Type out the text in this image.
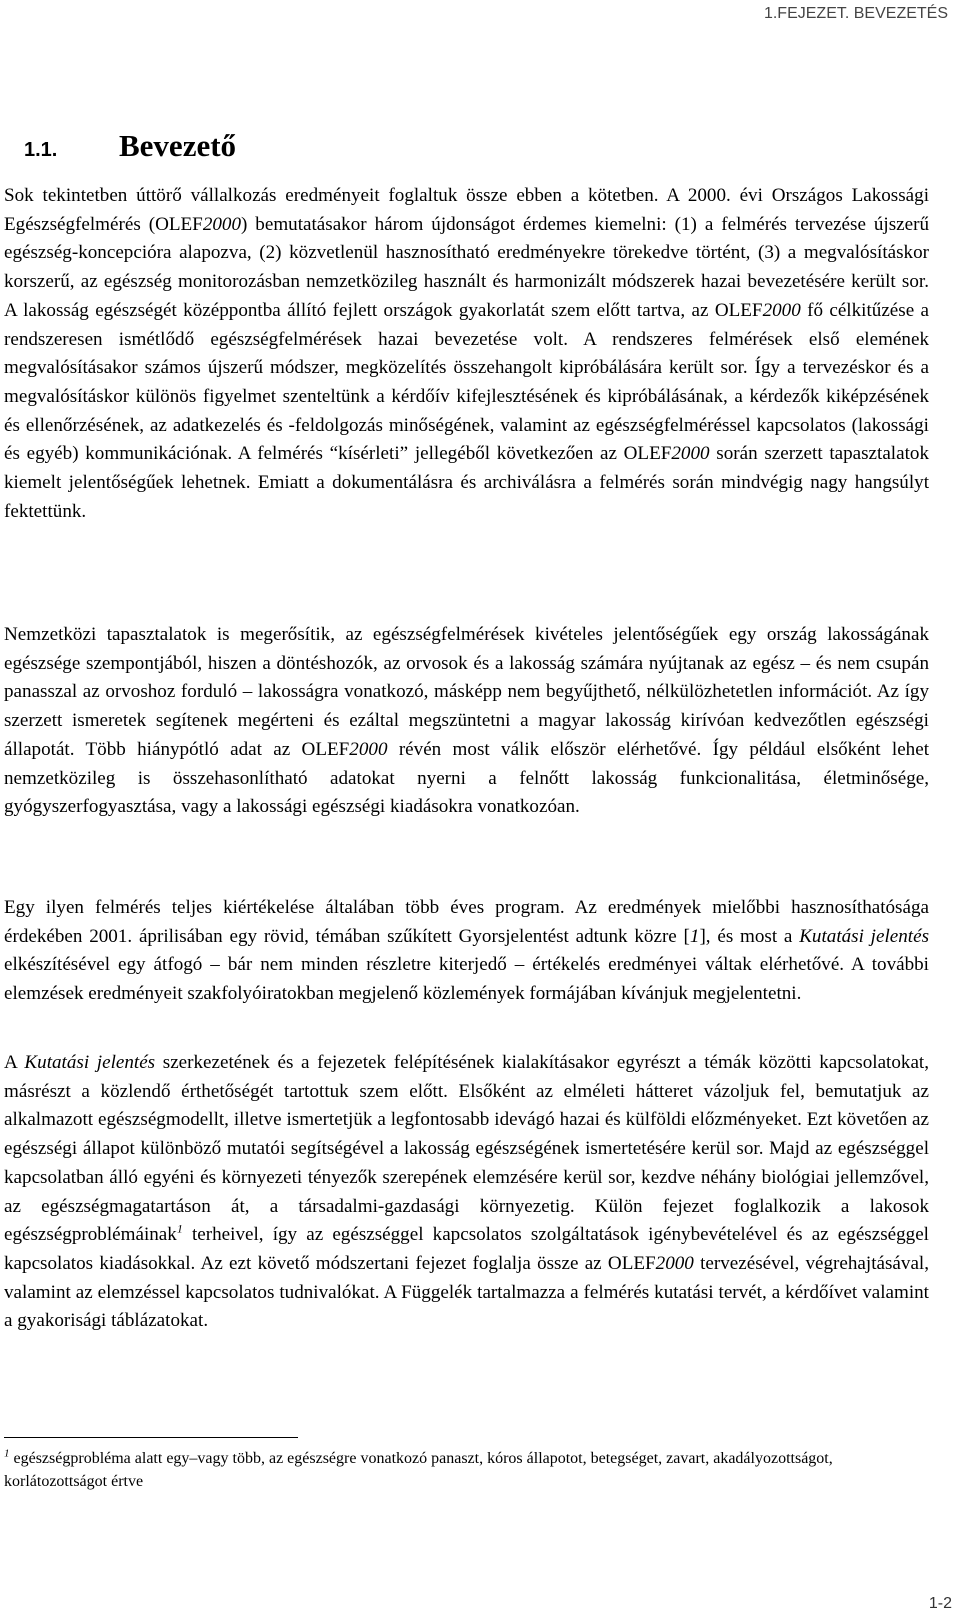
1.FEJEZET. BEVEZETÉS
1.1. Bevezető

Sok tekintetben úttörő vállalkozás eredményeit foglaltuk össze ebben a kötetben. A 2000. évi Országos Lakossági Egészségfelmérés (OLEF2000) bemutatásakor három újdonságot érdemes kiemelni: (1) a felmérés tervezése újszerű egészség-koncepcióra alapozva, (2) közvetlenül hasznosítható eredményekre törekedve történt, (3) a megvalósításkor korszerű, az egészség monitorozásban nemzetközileg használt és harmonizált módszerek hazai bevezetésére került sor. A lakosság egészségét középpontba állító fejlett országok gyakorlatát szem előtt tartva, az OLEF2000 fő célkitűzése a rendszeresen ismétlődő egészségfelmérések hazai bevezetése volt. A rendszeres felmérések első elemének megvalósításakor számos újszerű módszer, megközelítés összehangolt kipróbálására került sor. Így a tervezéskor és a megvalósításkor különös figyelmet szenteltünk a kérdőív kifejlesztésének és kipróbálásának, a kérdezők kiképzésének és ellenőrzésének, az adatkezelés és -feldolgozás minőségének, valamint az egészségfelméréssel kapcsolatos (lakossági és egyéb) kommunikációnak. A felmérés “kísérleti” jellegéből következően az OLEF2000 során szerzett tapasztalatok kiemelt jelentőségűek lehetnek. Emiatt a dokumentálásra és archiválásra a felmérés során mindvégig nagy hangsúlyt fektettünk.

Nemzetközi tapasztalatok is megerősítik, az egészségfelmérések kivételes jelentőségűek egy ország lakosságának egészsége szempontjából, hiszen a döntéshozók, az orvosok és a lakosság számára nyújtanak az egész – és nem csupán panasszal az orvoshoz forduló – lakosságra vonatkozó, másképp nem begyűjthető, nélkülözhetetlen információt. Az így szerzett ismeretek segítenek megérteni és ezáltal megszüntetni a magyar lakosság kirívóan kedvezőtlen egészségi állapotát. Több hiánypótló adat az OLEF2000 révén most válik először elérhetővé. Így például elsőként lehet nemzetközileg is összehasonlítható adatokat nyerni a felnőtt lakosság funkcionalitása, életminősége, gyógyszerfogyasztása, vagy a lakossági egészségi kiadásokra vonatkozóan.

Egy ilyen felmérés teljes kiértékelése általában több éves program. Az eredmények mielőbbi hasznosíthatósága érdekében 2001. áprilisában egy rövid, témában szűkített Gyorsjelentést adtunk közre [1], és most a Kutatási jelentés elkészítésével egy átfogó – bár nem minden részletre kiterjedő – értékelés eredményei váltak elérhetővé. A további elemzések eredményeit szakfolyóiratokban megjelenő közlemények formájában kívánjuk megjelentetni.

A Kutatási jelentés szerkezetének és a fejezetek felépítésének kialakításakor egyrészt a témák közötti kapcsolatokat, másrészt a közlendő érthetőségét tartottuk szem előtt. Elsőként az elméleti hátteret vázoljuk fel, bemutatjuk az alkalmazott egészségmodellt, illetve ismertetjük a legfontosabb idevágó hazai és külföldi előzményeket. Ezt követően az egészségi állapot különböző mutatói segítségével a lakosság egészségének ismertetésére kerül sor. Majd az egészséggel kapcsolatban álló egyéni és környezeti tényezők szerepének elemzésére kerül sor, kezdve néhány biológiai jellemzővel, az egészségmagatartáson át, a társadalmi-gazdasági környezetig. Külön fejezet foglalkozik a lakosok egészségproblémáinak$^1$ terheivel, így az egészséggel kapcsolatos szolgáltatások igénybevételével és az egészséggel kapcsolatos kiadásokkal. Az ezt követő módszertani fejezet foglalja össze az OLEF2000 tervezésével, végrehajtásával, valamint az elemzéssel kapcsolatos tudnivalókat. A Függelék tartalmazza a felmérés kutatási tervét, a kérdőívet valamint a gyakorisági táblázatokat.

$^1$ egészségprobléma alatt egy–vagy több, az egészségre vonatkozó panaszt, kóros állapotot, betegséget, zavart, akadályozottságot, korlátozottságot értve
1-2
